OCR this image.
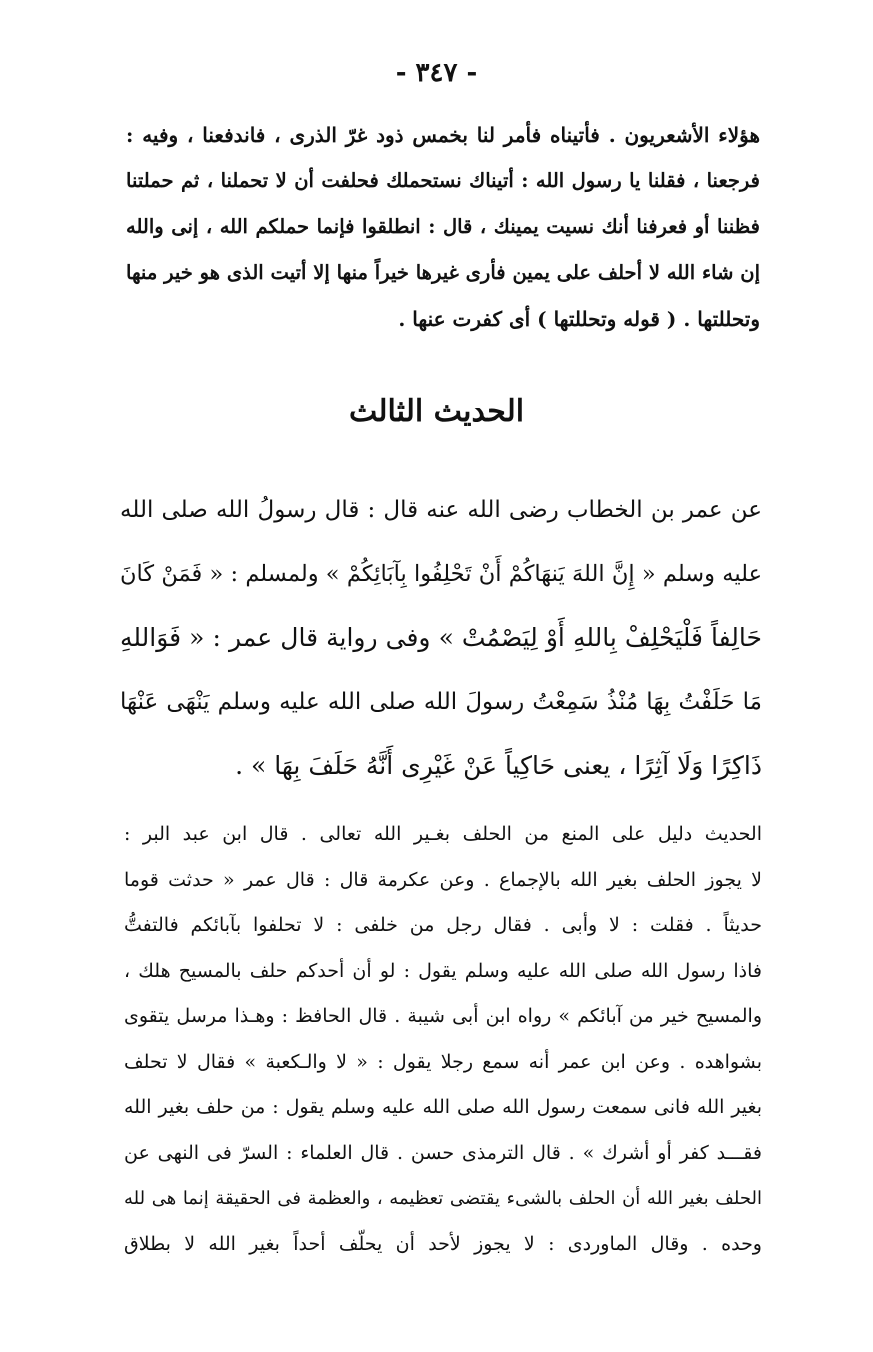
- ٣٤٧ -
هؤلاء الأشعريون . فأتيناه فأمر لنا بخمس ذود غرّ الذرى ، فاندفعنا ، وفيه :
فرجعنا ، فقلنا يا رسول الله : أتيناك نستحملك فحلفت أن لا تحملنا ، ثم حملتنا
فظننا أو فعرفنا أنك نسيت يمينك ، قال : انطلقوا فإنما حملكم الله ، إنى والله
إن شاء الله لا أحلف على يمين فأرى غيرها خيراً منها إلا أتيت الذى هو خير منها
وتحللتها . ( قوله وتحللتها ) أى كفرت عنها .
الحديث الثالث
عن عمر بن الخطاب رضى الله عنه قال : قال رسولُ الله صلى الله
عليه وسلم « إِنَّ اللهَ يَنهَاكُمْ أَنْ تَحْلِفُوا بِآبَائِكُمْ » ولمسلم : « فَمَنْ كَانَ
حَالِفاً فَلْيَحْلِفْ بِاللهِ أَوْ لِيَصْمُتْ » وفى رواية قال عمر : « فَوَاللهِ
مَا حَلَفْتُ بِهَا مُنْذُ سَمِعْتُ رسولَ الله صلى الله عليه وسلم يَنْهَى عَنْهَا
ذَاكِرًا وَلَا آثِرًا ، يعنى حَاكِياً عَنْ غَيْرِى أَنَّهُ حَلَفَ بِهَا » .
الحديث دليل على المنع من الحلف بغـير الله تعالى . قال ابن عبد البر :
لا يجوز الحلف بغير الله بالإجماع . وعن عكرمة قال : قال عمر « حدثت قوما
حديثاً . فقلت : لا وأبى . فقال رجل من خلفى : لا تحلفوا بآبائكم فالتفتُّ
فاذا رسول الله صلى الله عليه وسلم يقول : لو أن أحدكم حلف بالمسيح هلك ،
والمسيح خير من آبائكم » رواه ابن أبى شيبة . قال الحافظ : وهـذا مرسل يتقوى
بشواهده . وعن ابن عمر أنه سمع رجلا يقول : « لا والـكعبة » فقال لا تحلف
بغير الله فانى سمعت رسول الله صلى الله عليه وسلم يقول : من حلف بغير الله
فقـــد كفر أو أشرك » . قال الترمذى حسن . قال العلماء : السرّ فى النهى عن
الحلف بغير الله أن الحلف بالشىء يقتضى تعظيمه ، والعظمة فى الحقيقة إنما هى لله
وحده . وقال الماوردى : لا يجوز لأحد أن يحلّف أحداً بغير الله لا بطلاق
